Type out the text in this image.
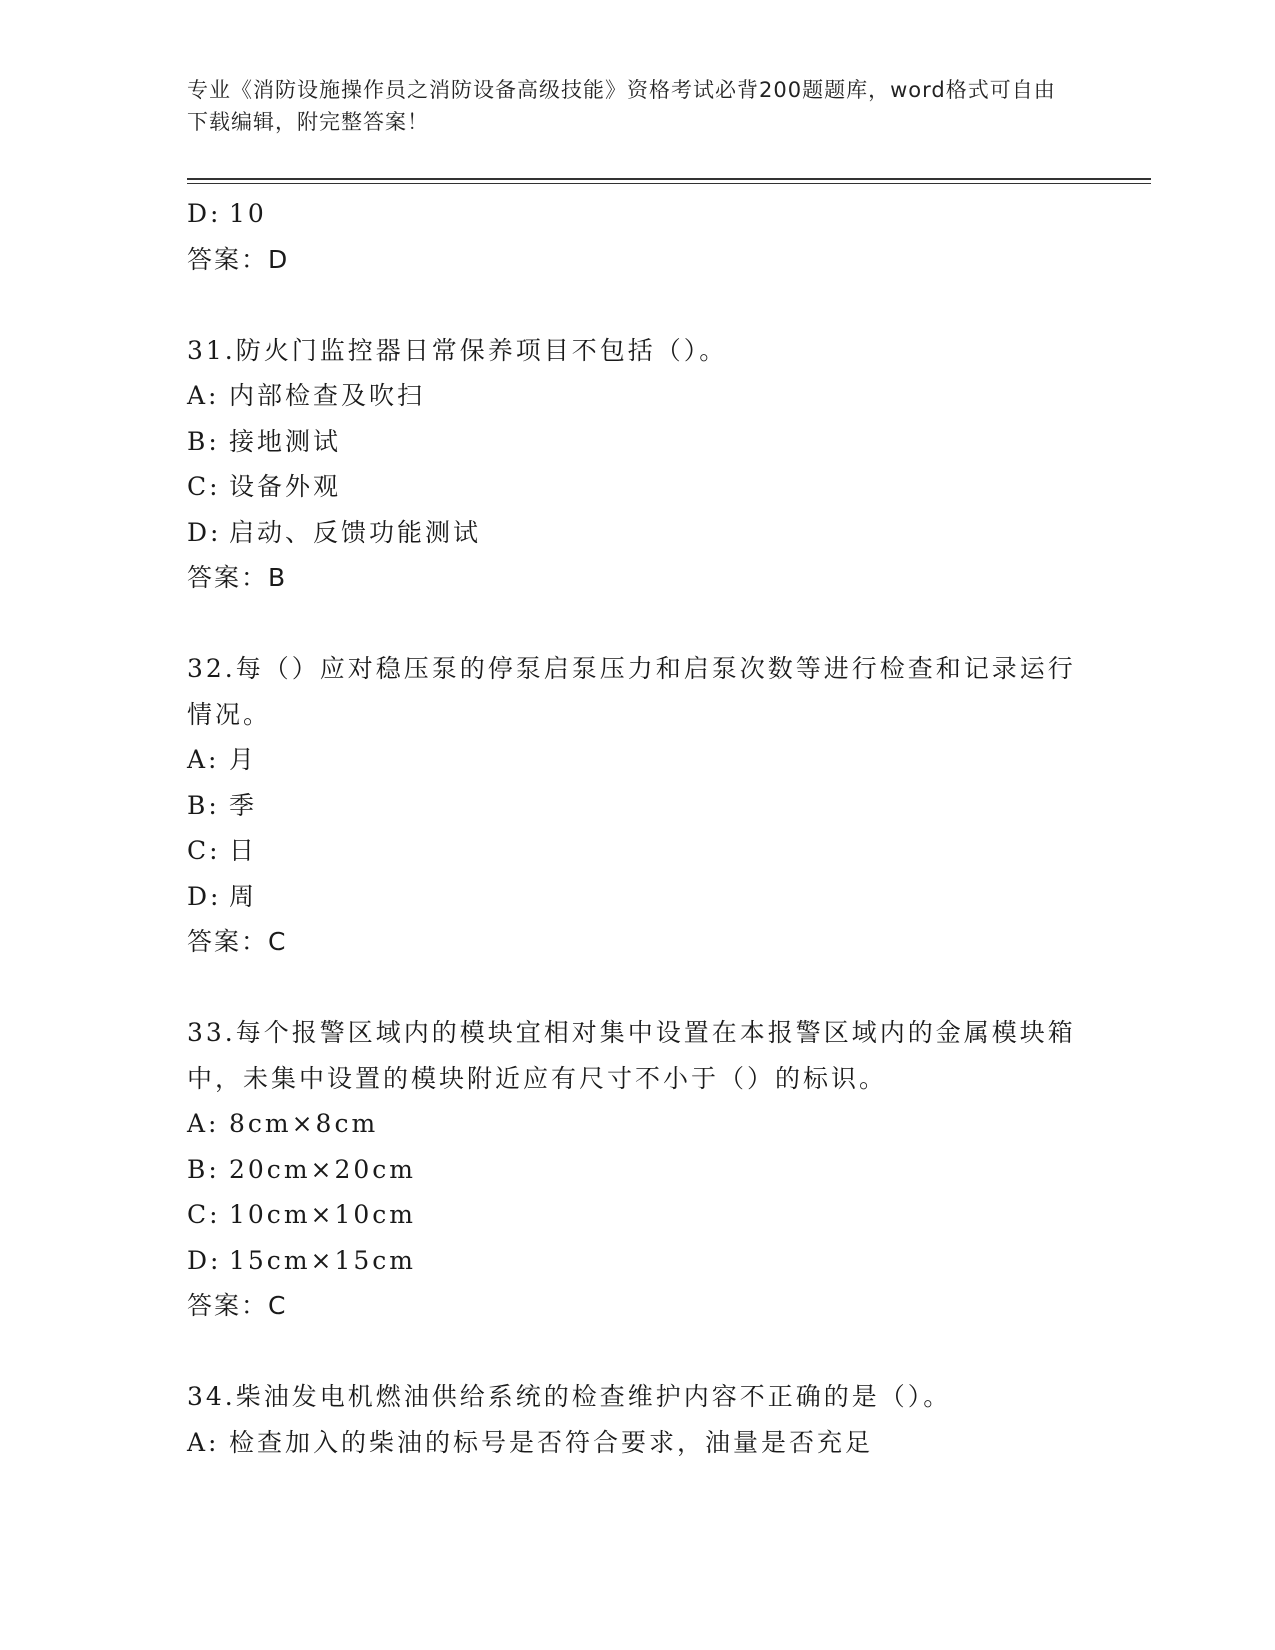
专业《消防设施操作员之消防设备高级技能》资格考试必背200题题库，word格式可自由下载编辑，附完整答案！
D: 10
答案：D
31.防火门监控器日常保养项目不包括（）。
A: 内部检查及吹扫
B: 接地测试
C: 设备外观
D: 启动、反馈功能测试
答案：B
32.每（）应对稳压泵的停泵启泵压力和启泵次数等进行检查和记录运行情况。
A: 月
B: 季
C: 日
D: 周
答案：C
33.每个报警区域内的模块宜相对集中设置在本报警区域内的金属模块箱中，未集中设置的模块附近应有尺寸不小于（）的标识。
A: 8cm×8cm
B: 20cm×20cm
C: 10cm×10cm
D: 15cm×15cm
答案：C
34.柴油发电机燃油供给系统的检查维护内容不正确的是（）。
A: 检查加入的柴油的标号是否符合要求，油量是否充足
